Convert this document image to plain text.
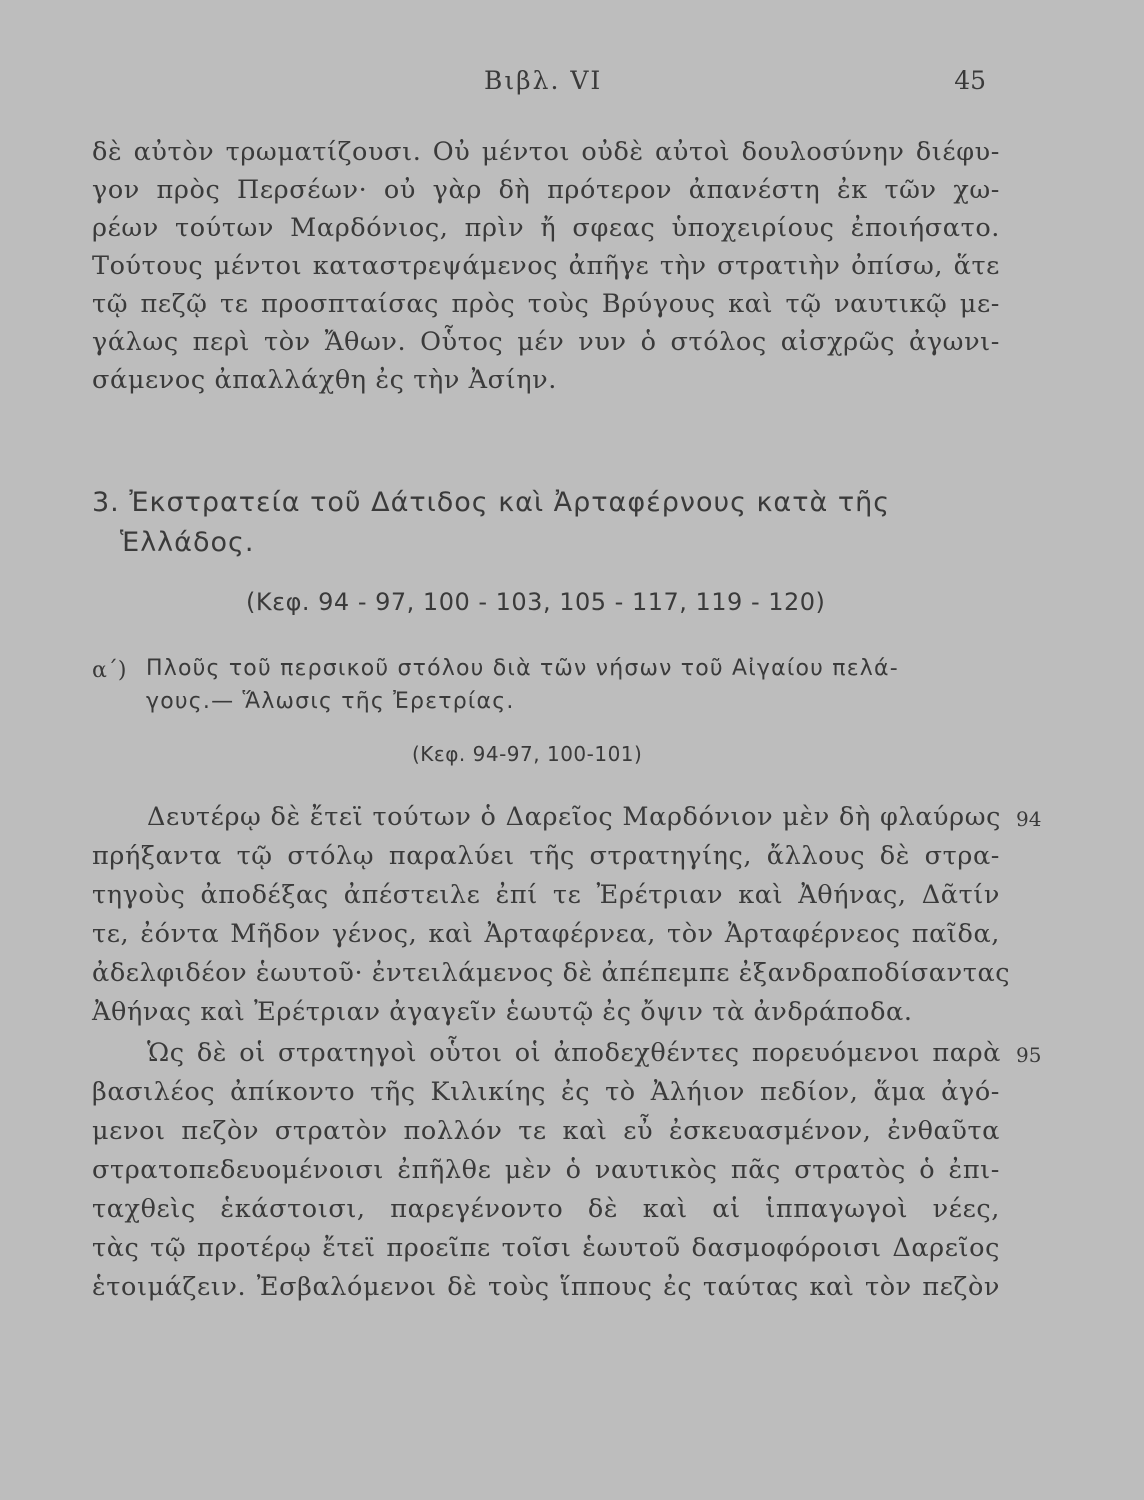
Βιβλ. VI	45
δὲ αὐτὸν τρωματίζουσι. Οὐ μέντοι οὐδὲ αὐτοὶ δουλοσύνην διέφυ-
γον πρὸς Περσέων· οὐ γὰρ δὴ πρότερον ἀπανέστη ἐκ τῶν χω-
ρέων τούτων Μαρδόνιος, πρὶν ἤ σφεας ὑποχειρίους ἐποιήσατο.
Τούτους μέντοι καταστρεψάμενος ἀπῆγε τὴν στρατιὴν ὀπίσω, ἅτε
τῷ πεζῷ τε προσπταίσας πρὸς τοὺς Βρύγους καὶ τῷ ναυτικῷ με-
γάλως περὶ τὸν Ἄθων. Οὗτος μέν νυν ὁ στόλος αἰσχρῶς ἀγωνι-
σάμενος ἀπαλλάχθη ἐς τὴν Ἀσίην.
3. Ἐκστρατεία τοῦ Δάτιδος καὶ Ἀρταφέρνους κατὰ τῆς
Ἑλλάδος.
(Κεφ. 94 - 97, 100 - 103, 105 - 117, 119 - 120)
α΄) Πλοῦς τοῦ περσικοῦ στόλου διὰ τῶν νήσων τοῦ Αἰγαίου πελά-
γους.— Ἅλωσις τῆς Ἐρετρίας.
(Κεφ. 94-97, 100-101)
94
Δευτέρῳ δὲ ἔτεϊ τούτων ὁ Δαρεῖος Μαρδόνιον μὲν δὴ φλαύρως
πρήξαντα τῷ στόλῳ παραλύει τῆς στρατηγίης, ἄλλους δὲ στρα-
τηγοὺς ἀποδέξας ἀπέστειλε ἐπί τε Ἐρέτριαν καὶ Ἀθήνας, Δᾶτίν
τε, ἐόντα Μῆδον γένος, καὶ Ἀρταφέρνεα, τὸν Ἀρταφέρνεος παῖδα,
ἀδελφιδέον ἑωυτοῦ· ἐντειλάμενος δὲ ἀπέπεμπε ἐξανδραποδίσαντας
Ἀθήνας καὶ Ἐρέτριαν ἀγαγεῖν ἑωυτῷ ἐς ὄψιν τὰ ἀνδράποδα.
95
Ὡς δὲ οἱ στρατηγοὶ οὗτοι οἱ ἀποδεχθέντες πορευόμενοι παρὰ
βασιλέος ἀπίκοντο τῆς Κιλικίης ἐς τὸ Ἀλήιον πεδίον, ἅμα ἀγό-
μενοι πεζὸν στρατὸν πολλόν τε καὶ εὖ ἐσκευασμένον, ἐνθαῦτα
στρατοπεδευομένοισι ἐπῆλθε μὲν ὁ ναυτικὸς πᾶς στρατὸς ὁ ἐπι-
ταχθεὶς ἑκάστοισι, παρεγένοντο δὲ καὶ αἱ ἱππαγωγοὶ νέες,
τὰς τῷ προτέρῳ ἔτεϊ προεῖπε τοῖσι ἑωυτοῦ δασμοφόροισι Δαρεῖος
ἑτοιμάζειν. Ἐσβαλόμενοι δὲ τοὺς ἵππους ἐς ταύτας καὶ τὸν πεζὸν
